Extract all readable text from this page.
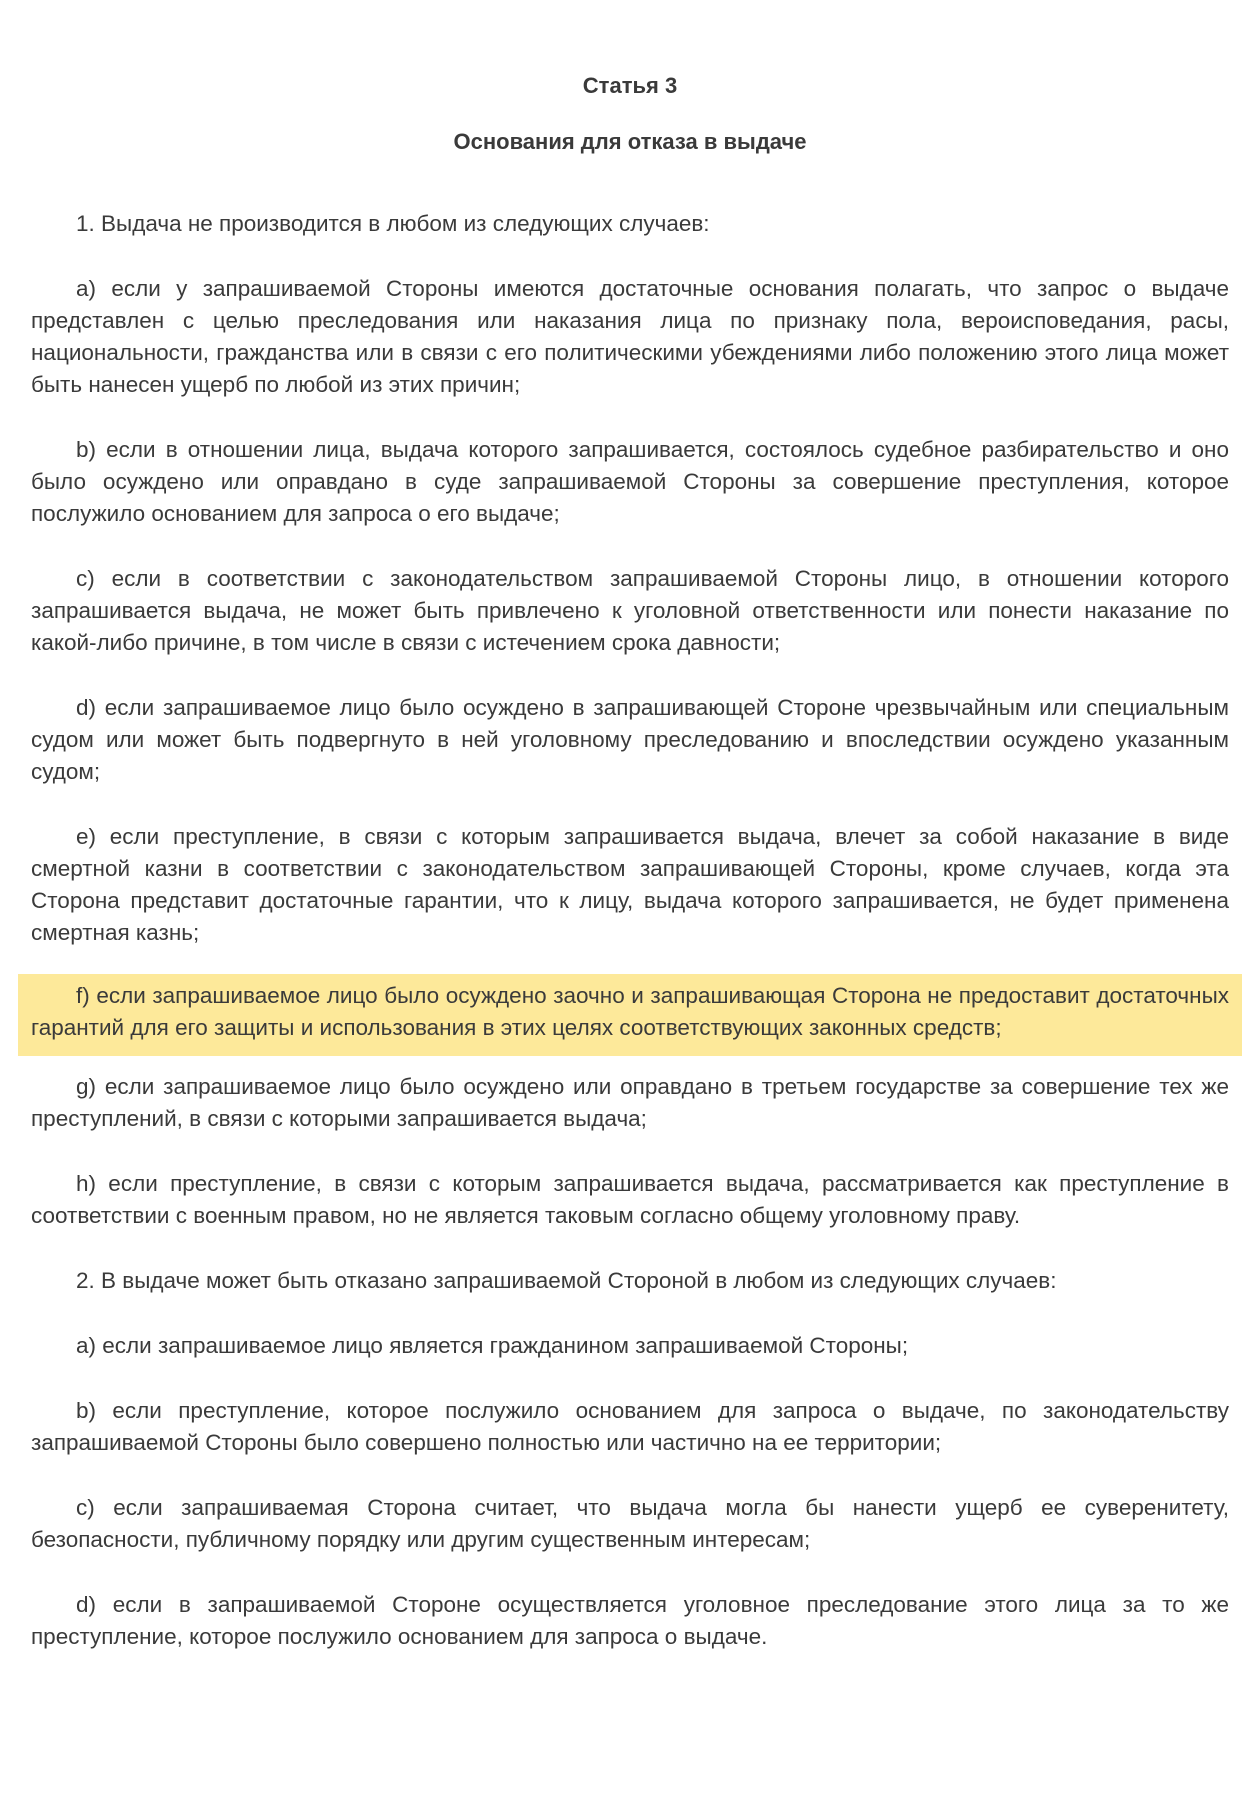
Статья 3
Основания для отказа в выдаче

1. Выдача не производится в любом из следующих случаев:

a) если у запрашиваемой Стороны имеются достаточные основания полагать, что запрос о выдаче представлен с целью преследования или наказания лица по признаку пола, вероисповедания, расы, национальности, гражданства или в связи с его политическими убеждениями либо положению этого лица может быть нанесен ущерб по любой из этих причин;

b) если в отношении лица, выдача которого запрашивается, состоялось судебное разбирательство и оно было осуждено или оправдано в суде запрашиваемой Стороны за совершение преступления, которое послужило основанием для запроса о его выдаче;

c) если в соответствии с законодательством запрашиваемой Стороны лицо, в отношении которого запрашивается выдача, не может быть привлечено к уголовной ответственности или понести наказание по какой-либо причине, в том числе в связи с истечением срока давности;

d) если запрашиваемое лицо было осуждено в запрашивающей Стороне чрезвычайным или специальным судом или может быть подвергнуто в ней уголовному преследованию и впоследствии осуждено указанным судом;

e) если преступление, в связи с которым запрашивается выдача, влечет за собой наказание в виде смертной казни в соответствии с законодательством запрашивающей Стороны, кроме случаев, когда эта Сторона представит достаточные гарантии, что к лицу, выдача которого запрашивается, не будет применена смертная казнь;

f) если запрашиваемое лицо было осуждено заочно и запрашивающая Сторона не предоставит достаточных гарантий для его защиты и использования в этих целях соответствующих законных средств;

g) если запрашиваемое лицо было осуждено или оправдано в третьем государстве за совершение тех же преступлений, в связи с которыми запрашивается выдача;

h) если преступление, в связи с которым запрашивается выдача, рассматривается как преступление в соответствии с военным правом, но не является таковым согласно общему уголовному праву.

2. В выдаче может быть отказано запрашиваемой Стороной в любом из следующих случаев:

a) если запрашиваемое лицо является гражданином запрашиваемой Стороны;

b) если преступление, которое послужило основанием для запроса о выдаче, по законодательству запрашиваемой Стороны было совершено полностью или частично на ее территории;

c) если запрашиваемая Сторона считает, что выдача могла бы нанести ущерб ее суверенитету, безопасности, публичному порядку или другим существенным интересам;

d) если в запрашиваемой Стороне осуществляется уголовное преследование этого лица за то же преступление, которое послужило основанием для запроса о выдаче.
